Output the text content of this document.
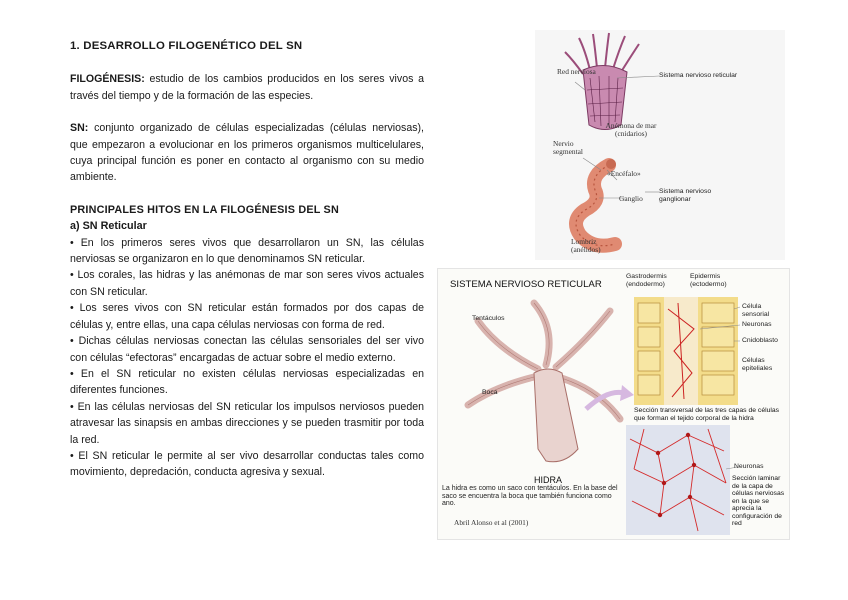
1. DESARROLLO FILOGENÉTICO DEL SN

FILOGÉNESIS: estudio de los cambios producidos en los seres vivos a través del tiempo y de la formación de las especies.

SN: conjunto organizado de células especializadas (células nerviosas), que empezaron a evolucionar en los primeros organismos multicelulares, cuya principal función es poner en contacto al organismo con su medio ambiente.

PRINCIPALES HITOS EN LA FILOGÉNESIS DEL SN
a) SN Reticular
• En los primeros seres vivos que desarrollaron un SN, las células nerviosas se organizaron en lo que denominamos SN reticular.
• Los corales, las hidras y las anémonas de mar son seres vivos actuales con SN reticular.
• Los seres vivos con SN reticular están formados por dos capas de células y, entre ellas, una capa células nerviosas con forma de red.
• Dichas células nerviosas conectan las células sensoriales del ser vivo con células “efectoras” encargadas de actuar sobre el medio externo.
• En el SN reticular no existen células nerviosas especializadas en diferentes funciones.
• En las células nerviosas del SN reticular los impulsos nerviosos pueden atravesar las sinapsis en ambas direcciones y se pueden trasmitir por toda la red.
• El SN reticular le permite al ser vivo desarrollar conductas tales como movimiento, depredación, conducta agresiva y sexual.
Red nerviosa	Sistema nervioso reticular
Anémona de mar (cnidarios)
Nervio segmental
«Encéfalo»
Ganglio
Sistema nervioso ganglionar
Lombriz (anélidos)
SISTEMA NERVIOSO RETICULAR
Gastrodermis (endodermo)
Epidermis (ectodermo)
Célula sensorial
Neuronas
Cnidoblasto
Células epiteliales
Tentáculos
Boca
Sección transversal de las tres capas de células que forman el tejido corporal de la hidra
HIDRA
La hidra es como un saco con tentáculos. En la base del saco se encuentra la boca que también funciona como ano.
Abril Alonso et al (2001)
Neuronas
Sección laminar de la capa de células nerviosas en la que se aprecia la configuración de red
